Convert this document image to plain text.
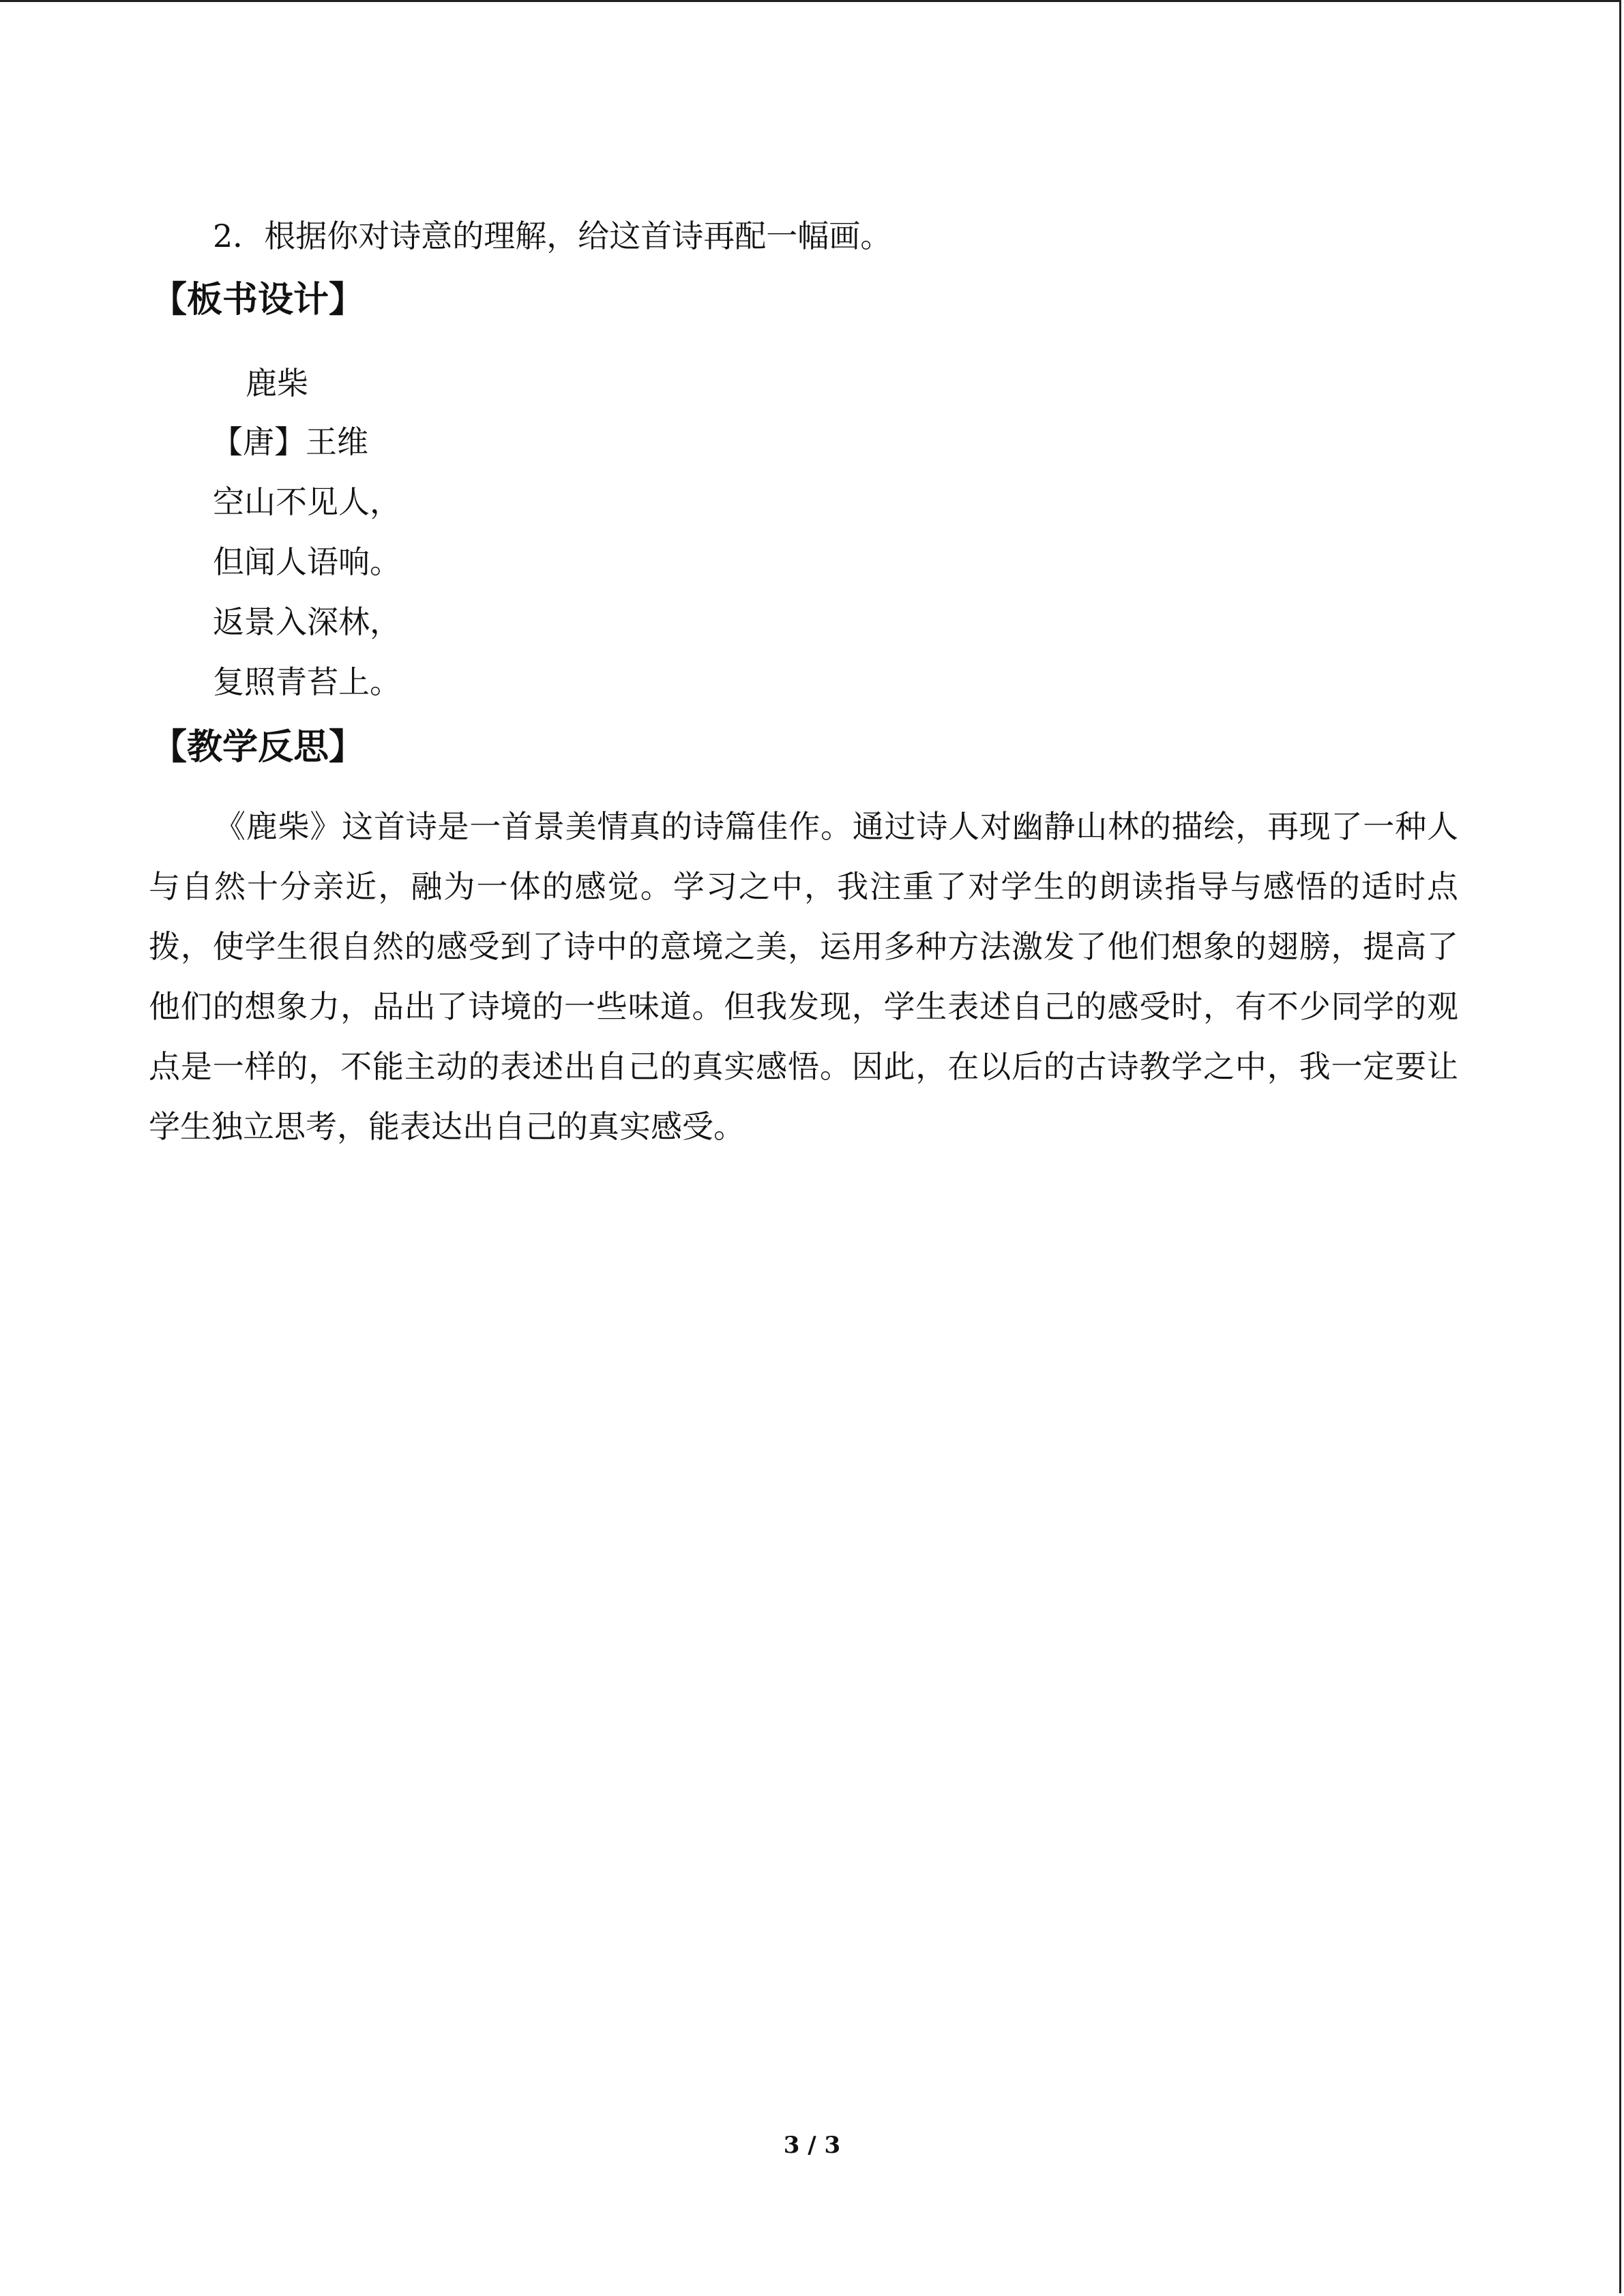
2．根据你对诗意的理解，给这首诗再配一幅画。
【板书设计】
鹿柴
【唐】王维
空山不见人，
但闻人语响。
返景入深林，
复照青苔上。
【教学反思】
《鹿柴》这首诗是一首景美情真的诗篇佳作。通过诗人对幽静山林的描绘，再现了一种人与自然十分亲近，融为一体的感觉。学习之中，我注重了对学生的朗读指导与感悟的适时点拨，使学生很自然的感受到了诗中的意境之美，运用多种方法激发了他们想象的翅膀，提高了他们的想象力，品出了诗境的一些味道。但我发现，学生表述自己的感受时，有不少同学的观点是一样的，不能主动的表述出自己的真实感悟。因此，在以后的古诗教学之中，我一定要让学生独立思考，能表达出自己的真实感受。
3 / 3
